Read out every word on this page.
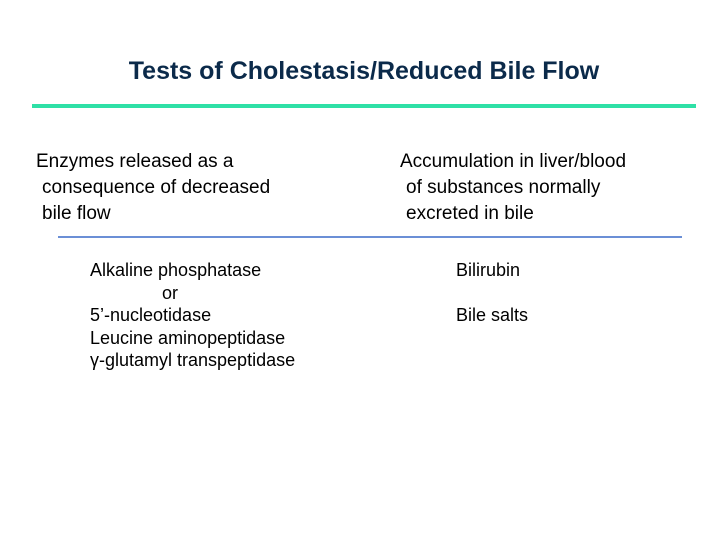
Tests of Cholestasis/Reduced Bile Flow
Enzymes released as a
consequence of decreased
bile flow
Accumulation in liver/blood
of substances normally
excreted in bile
Alkaline phosphatase
or
5’-nucleotidase
Leucine aminopeptidase
γ-glutamyl transpeptidase
Bilirubin
Bile salts
